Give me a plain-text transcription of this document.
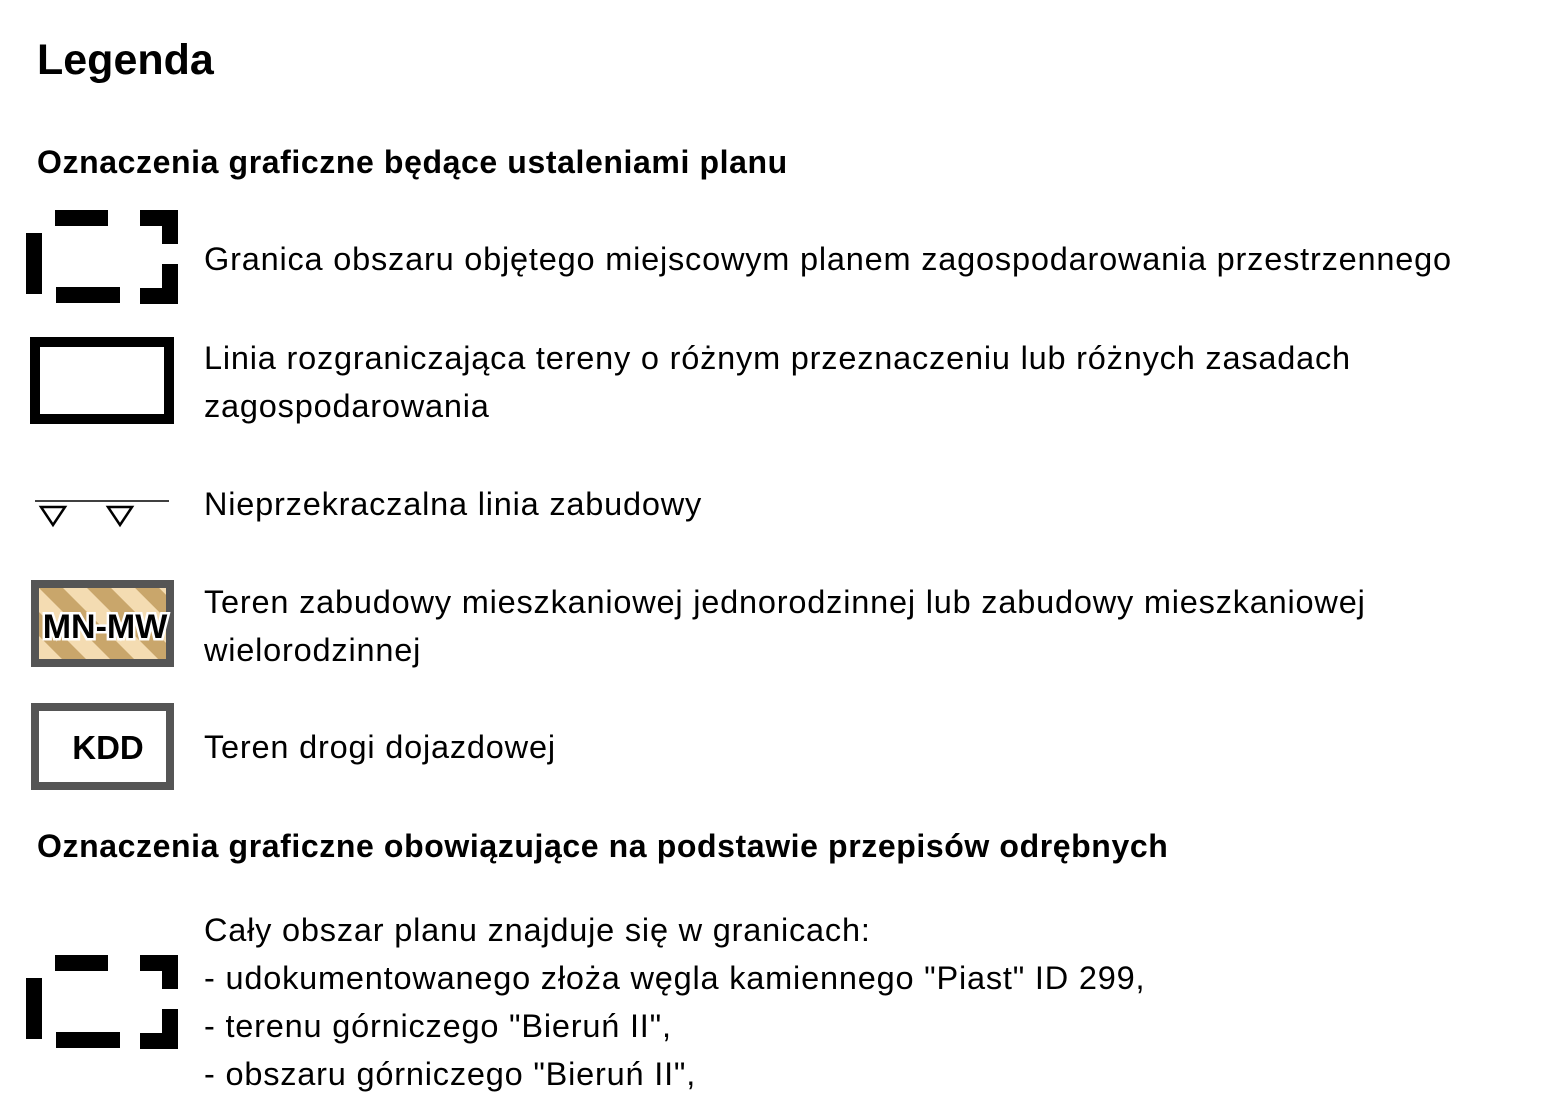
Legenda
Oznaczenia graficzne będące ustaleniami planu
Granica obszaru objętego miejscowym planem zagospodarowania przestrzennego
Linia rozgraniczająca tereny o różnym przeznaczeniu lub różnych zasadach
zagospodarowania
Nieprzekraczalna linia zabudowy
MN-MW
Teren zabudowy mieszkaniowej jednorodzinnej lub zabudowy mieszkaniowej
wielorodzinnej
KDD Teren drogi dojazdowej
Oznaczenia graficzne obowiązujące na podstawie przepisów odrębnych
Cały obszar planu znajduje się w granicach:
- udokumentowanego złoża węgla kamiennego "Piast" ID 299,
- terenu górniczego "Bieruń II",
- obszaru górniczego "Bieruń II",
